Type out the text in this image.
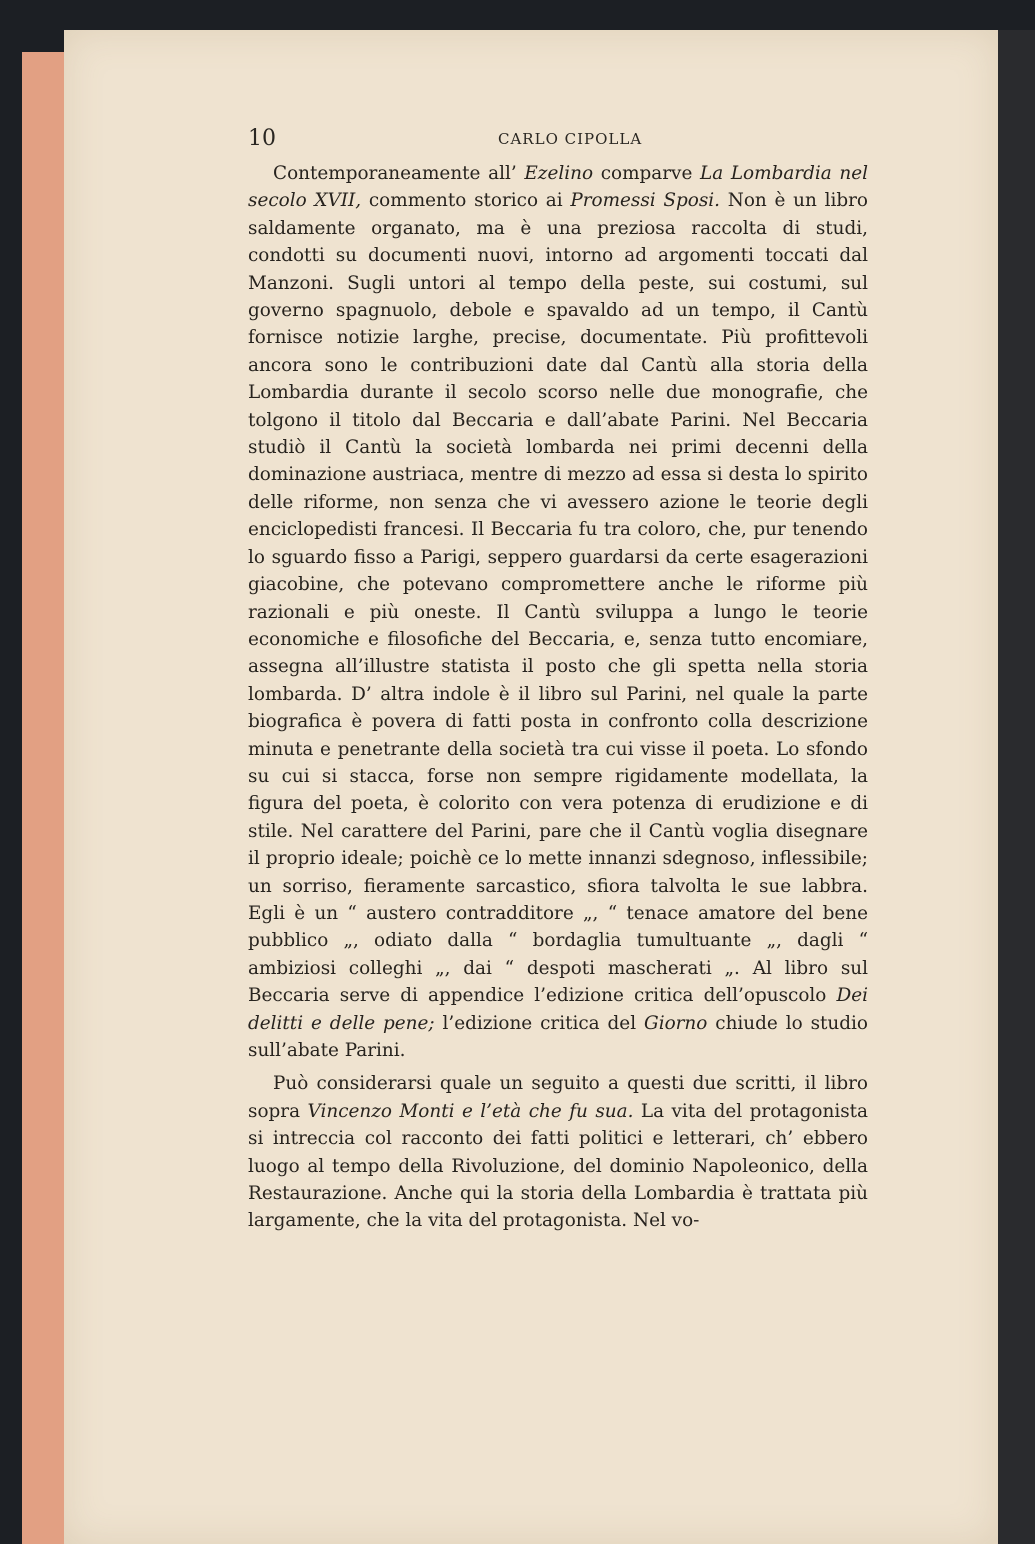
10	CARLO CIPOLLA

Contemporaneamente all’ Ezelino comparve La Lombardia nel secolo XVII, commento storico ai Promessi Sposi. Non è un libro saldamente organato, ma è una preziosa raccolta di studi, condotti su documenti nuovi, intorno ad argomenti toccati dal Manzoni. Sugli untori al tempo della peste, sui costumi, sul governo spagnuolo, debole e spavaldo ad un tempo, il Cantù fornisce notizie larghe, precise, documentate. Più profittevoli ancora sono le contribuzioni date dal Cantù alla storia della Lombardia durante il secolo scorso nelle due monografie, che tolgono il titolo dal Beccaria e dall’abate Parini. Nel Beccaria studiò il Cantù la società lombarda nei primi decenni della dominazione austriaca, mentre di mezzo ad essa si desta lo spirito delle riforme, non senza che vi avessero azione le teorie degli enciclopedisti francesi. Il Beccaria fu tra coloro, che, pur tenendo lo sguardo fisso a Parigi, seppero guardarsi da certe esagerazioni giacobine, che potevano compromettere anche le riforme più razionali e più oneste. Il Cantù sviluppa a lungo le teorie economiche e filosofiche del Beccaria, e, senza tutto encomiare, assegna all’illustre statista il posto che gli spetta nella storia lombarda. D’ altra indole è il libro sul Parini, nel quale la parte biografica è povera di fatti posta in confronto colla descrizione minuta e penetrante della società tra cui visse il poeta. Lo sfondo su cui si stacca, forse non sempre rigidamente modellata, la figura del poeta, è colorito con vera potenza di erudizione e di stile. Nel carattere del Parini, pare che il Cantù voglia disegnare il proprio ideale; poichè ce lo mette innanzi sdegnoso, inflessibile; un sorriso, fieramente sarcastico, sfiora talvolta le sue labbra. Egli è un “ austero contradditore „, “ tenace amatore del bene pubblico „, odiato dalla “ bordaglia tumultuante „, dagli “ ambiziosi colleghi „, dai “ despoti mascherati „. Al libro sul Beccaria serve di appendice l’edizione critica dell’opuscolo Dei delitti e delle pene; l’edizione critica del Giorno chiude lo studio sull’abate Parini.

Può considerarsi quale un seguito a questi due scritti, il libro sopra Vincenzo Monti e l’età che fu sua. La vita del protagonista si intreccia col racconto dei fatti politici e letterari, ch’ ebbero luogo al tempo della Rivoluzione, del dominio Napoleonico, della Restaurazione. Anche qui la storia della Lombardia è trattata più largamente, che la vita del protagonista. Nel vo-
